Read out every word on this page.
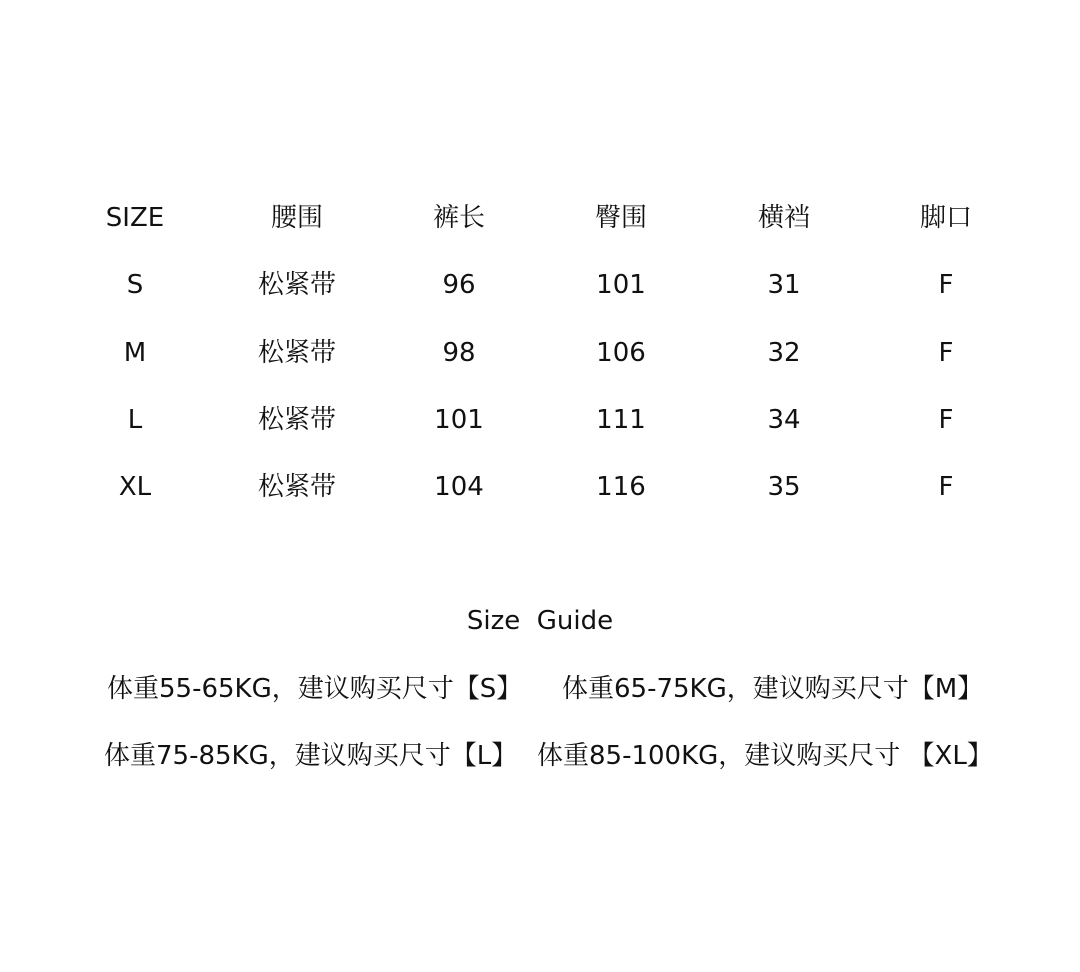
SIZE	腰围	裤长	臀围	横裆	脚口
S	松紧带	96	101	31	F
M	松紧带	98	106	32	F
L	松紧带	101	111	34	F
XL	松紧带	104	116	35	F
Size  Guide
体重55-65KG，建议购买尺寸【S】 体重65-75KG，建议购买尺寸【M】
体重75-85KG，建议购买尺寸【L】 体重85-100KG，建议购买尺寸 【XL】
